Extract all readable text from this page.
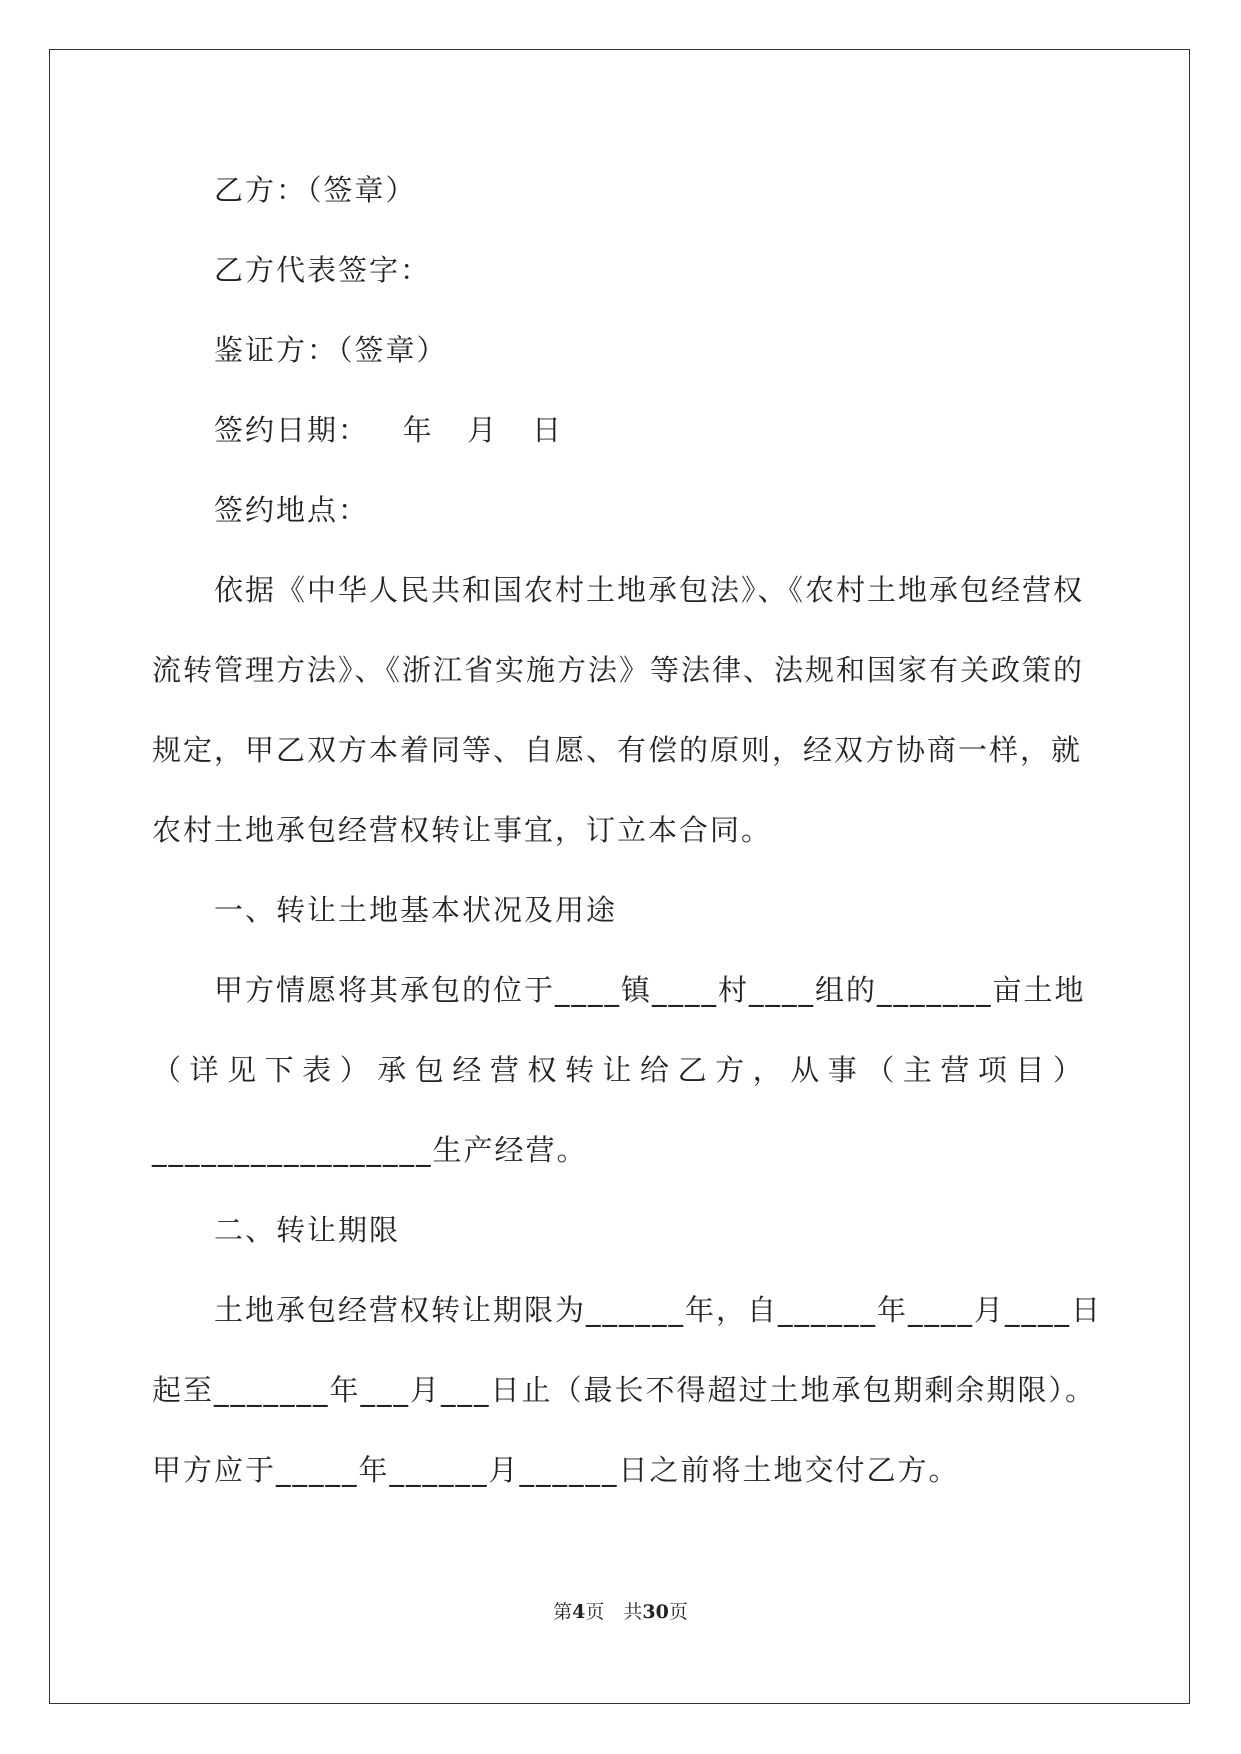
乙方：（签章）

乙方代表签字：

鉴证方：（签章）

签约日期：   年   月   日

签约地点：

依据《中华人民共和国农村土地承包法》、《农村土地承包经营权

流转管理方法》、《浙江省实施方法》等法律、法规和国家有关政策的

规定，甲乙双方本着同等、自愿、有偿的原则，经双方协商一样，就

农村土地承包经营权转让事宜，订立本合同。

一、转让土地基本状况及用途

甲方情愿将其承包的位于____镇____村____组的_______亩土地

（详见下表）承包经营权转让给乙方，从事（主营项目）

_________________生产经营。

二、转让期限

土地承包经营权转让期限为______年，自______年____月____日

起至_______年___月___日止（最长不得超过土地承包期剩余期限）。

甲方应于_____年______月______日之前将土地交付乙方。

第4页　共30页
